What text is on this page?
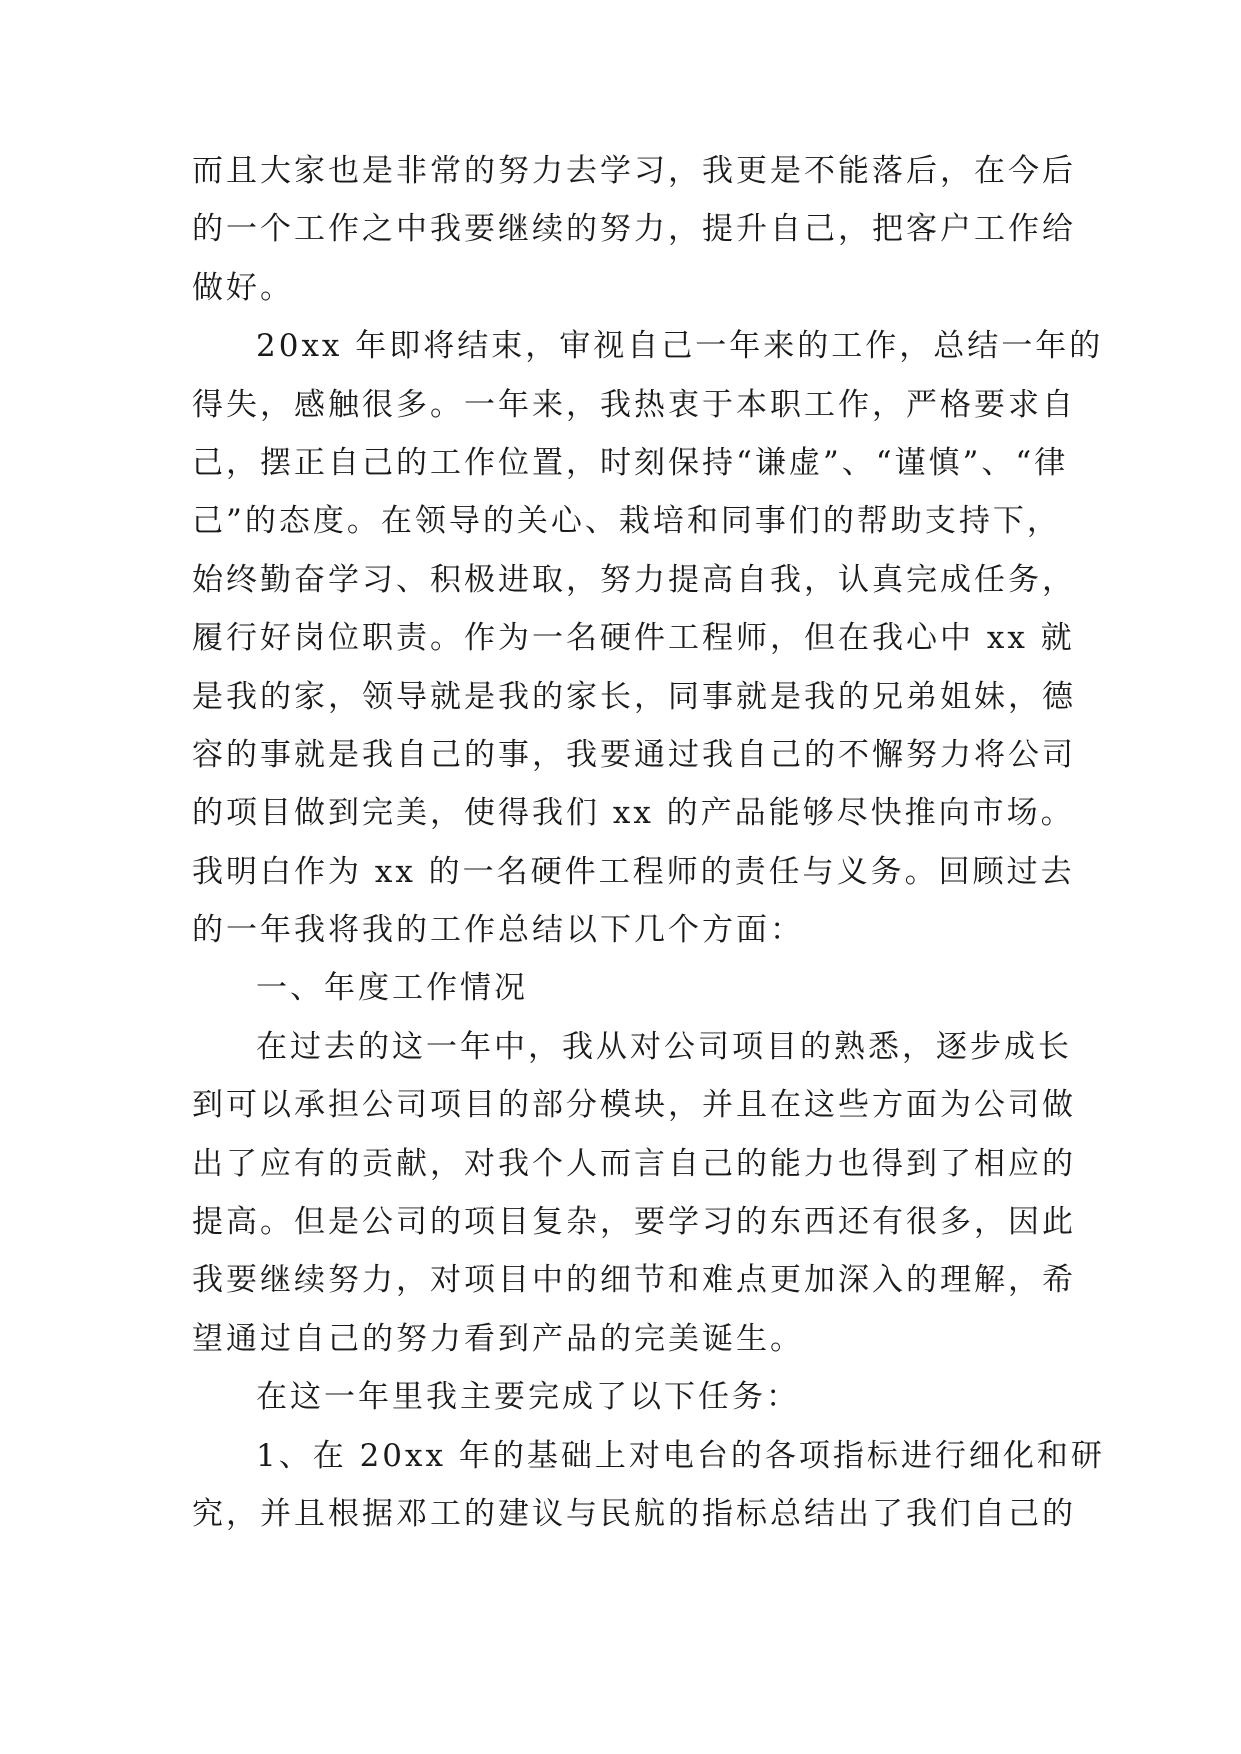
而且大家也是非常的努力去学习，我更是不能落后，在今后
的一个工作之中我要继续的努力，提升自己，把客户工作给
做好。
20xx 年即将结束，审视自己一年来的工作，总结一年的
得失，感触很多。一年来，我热衷于本职工作，严格要求自
己，摆正自己的工作位置，时刻保持“谦虚”、“谨慎”、“律
己”的态度。在领导的关心、栽培和同事们的帮助支持下，
始终勤奋学习、积极进取，努力提高自我，认真完成任务，
履行好岗位职责。作为一名硬件工程师，但在我心中 xx 就
是我的家，领导就是我的家长，同事就是我的兄弟姐妹，德
容的事就是我自己的事，我要通过我自己的不懈努力将公司
的项目做到完美，使得我们 xx 的产品能够尽快推向市场。
我明白作为 xx 的一名硬件工程师的责任与义务。回顾过去
的一年我将我的工作总结以下几个方面：
一、年度工作情况
在过去的这一年中，我从对公司项目的熟悉，逐步成长
到可以承担公司项目的部分模块，并且在这些方面为公司做
出了应有的贡献，对我个人而言自己的能力也得到了相应的
提高。但是公司的项目复杂，要学习的东西还有很多，因此
我要继续努力，对项目中的细节和难点更加深入的理解，希
望通过自己的努力看到产品的完美诞生。
在这一年里我主要完成了以下任务：
1、在 20xx 年的基础上对电台的各项指标进行细化和研
究，并且根据邓工的建议与民航的指标总结出了我们自己的
